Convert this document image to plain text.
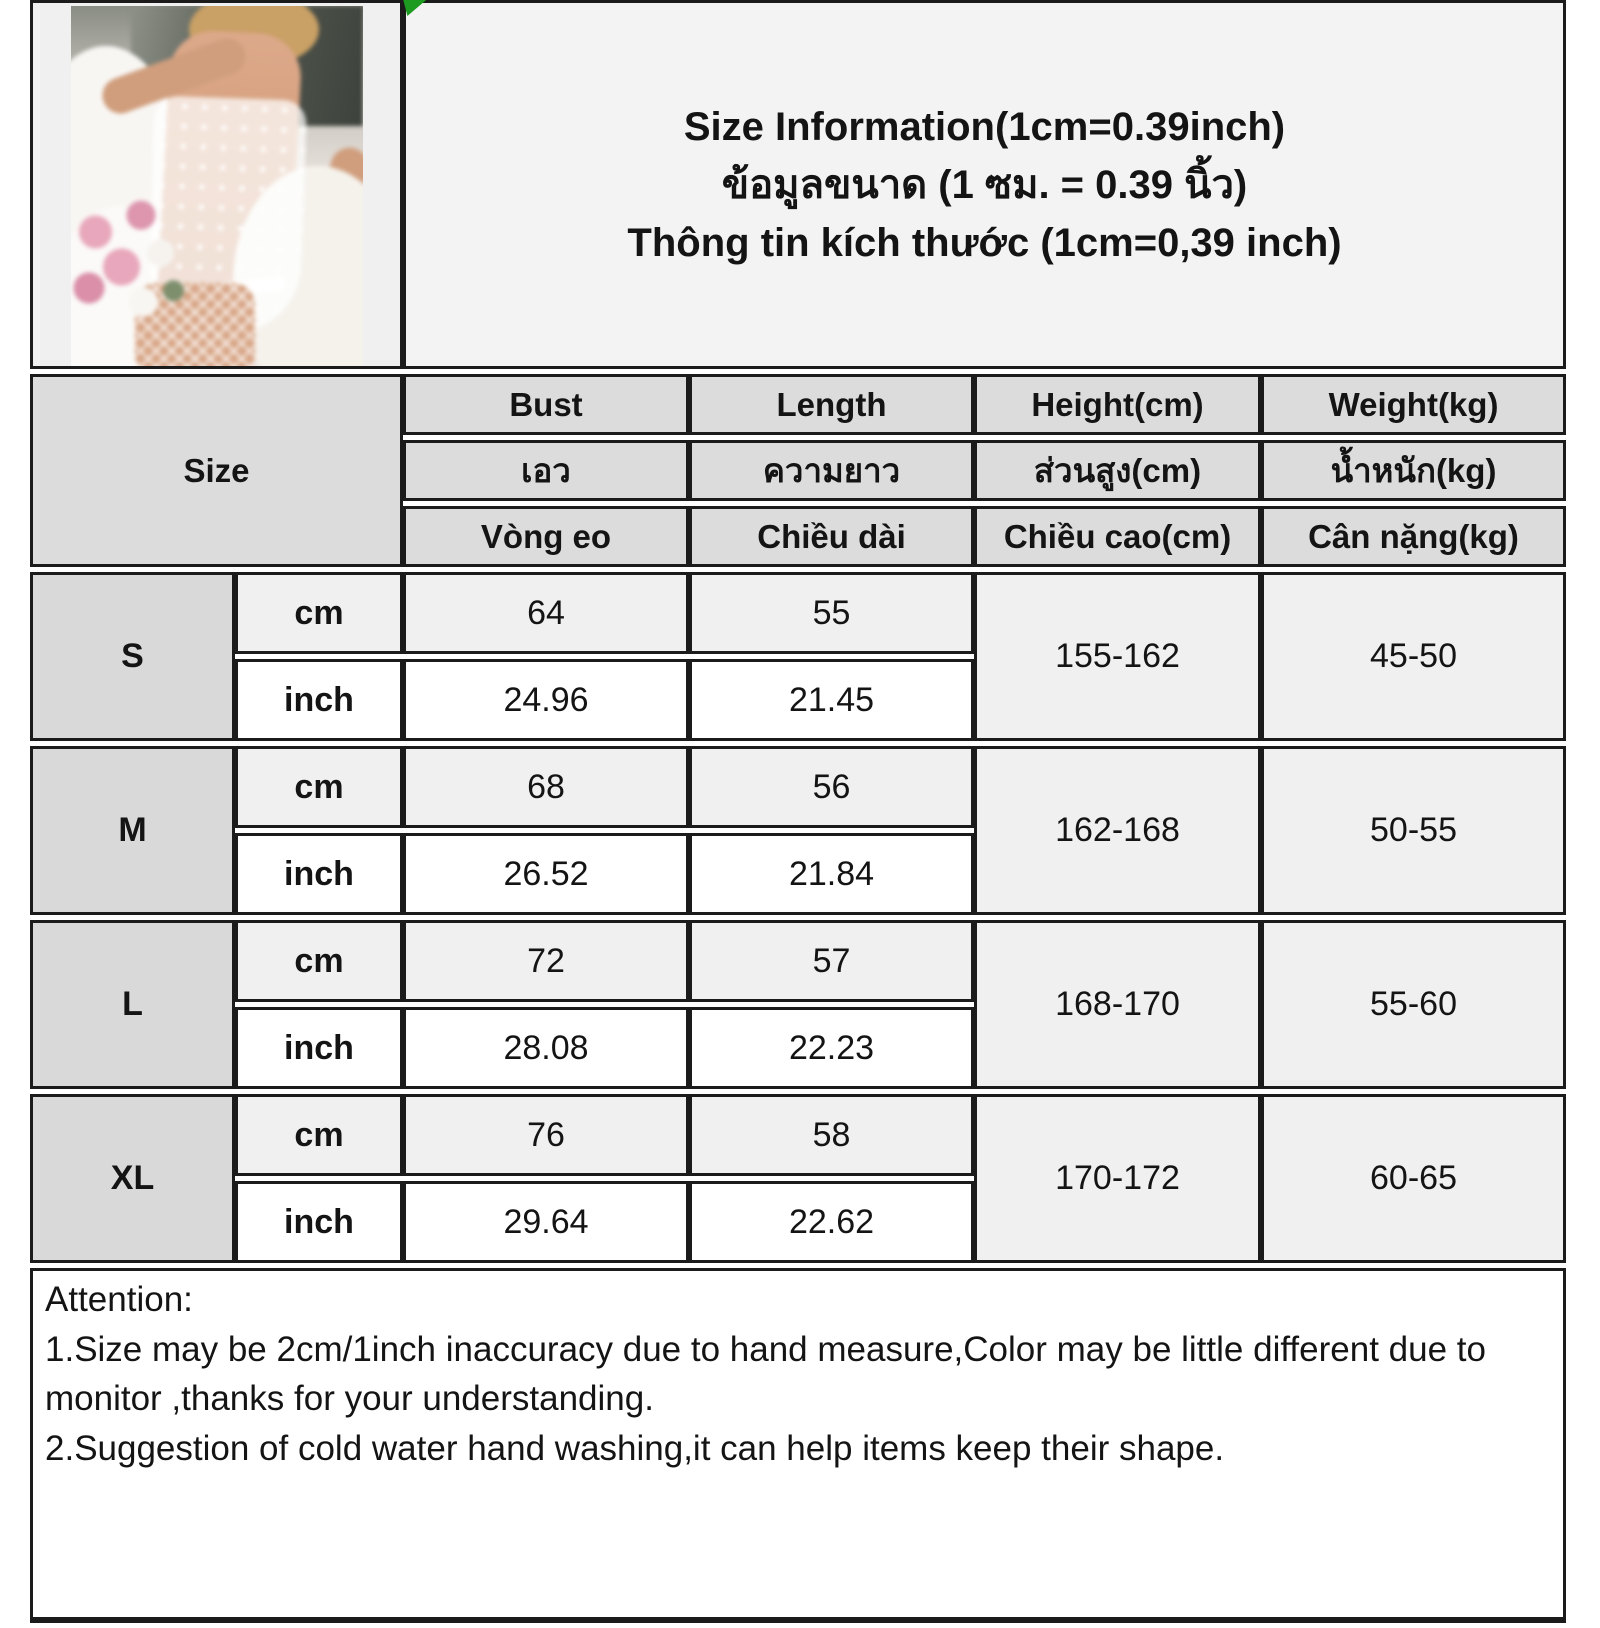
		Size Information(1cm=0.39inch)
ข้อมูลขนาด (1 ซม. = 0.39 นิ้ว)
Thông tin kích thước (1cm=0,39 inch)			

Size		Bust	Length	Height(cm)	Weight(kg)
		เอว	ความยาว	ส่วนสูง(cm)	น้ำหนัก(kg)
		Vòng eo	Chiều dài	Chiều cao(cm)	Cân nặng(kg)
S	cm	64	55	155-162	45-50
	inch	24.96	21.45		
M	cm	68	56	162-168	50-55
	inch	26.52	21.84		
L	cm	72	57	168-170	55-60
	inch	28.08	22.23		
XL	cm	76	58	170-172	60-65
	inch	29.64	22.62		

Attention:
1.Size may be 2cm/1inch inaccuracy due to hand measure,Color may be little different due to monitor ,thanks for your understanding.
2.Suggestion of cold water hand washing,it can help items keep their shape.					
